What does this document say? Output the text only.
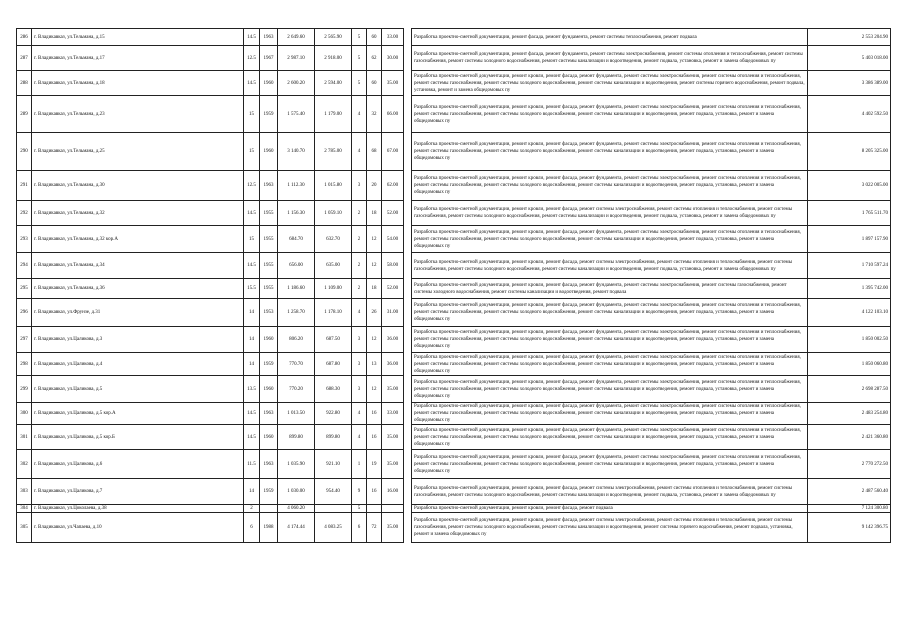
286	г. Владикавказ, ул.Тельмана, д.15	14.5	1963	2 649.60	2 565.90	5	60	33.00		Разработка проектно-сметной документации, ремонт фасада, ремонт фундамента, ремонт системы теплоснабжения, ремонт подвала	2 553 204.90
287	г. Владикавказ, ул.Тельмана, д.17	12.5	1967	2 987.10	2 918.00	5	62	30.00		Разработка проектно-сметной документации, ремонт фасада, ремонт фундамента, ремонт системы электроснабжения, ремонт системы отопления и теплоснабжения, ремонт системы газоснабжения, ремонт системы холодного водоснабжения, ремонт системы канализации и водоотведения, ремонт подвала, установка, ремонт и замена общедомовых пу	5 403 018.00
288	г. Владикавказ, ул.Тельмана, д.18	14.5	1960	2 600.20	2 594.00	5	60	35.00		Разработка проектно-сметной документации, ремонт кровли, ремонт фасада, ремонт фундамента, ремонт системы электроснабжения, ремонт системы отопления и теплоснабжения, ремонт системы газоснабжения, ремонт системы холодного водоснабжения, ремонт системы канализации и водоотведения, ремонт системы горячего водоснабжения, ремонт подвала, установка, ремонт и замена общедомовых пу	3 386 389.00
289	г. Владикавказ, ул.Тельмана, д.23	15	1959	1 575.40	1 179.00	4	32	66.00		Разработка проектно-сметной документации, ремонт кровли, ремонт фасада, ремонт фундамента, ремонт системы электроснабжения, ремонт системы отопления и теплоснабжения, ремонт системы газоснабжения, ремонт системы холодного водоснабжения, ремонт системы канализации и водоотведения, ремонт подвала, установка, ремонт и замена общедомовых пу	4 402 592.50
290	г. Владикавказ, ул.Тельмана, д.25	15	1960	3 140.70	2 785.00	4	68	67.00		Разработка проектно-сметной документации, ремонт кровли, ремонт фасада, ремонт фундамента, ремонт системы электроснабжения, ремонт системы отопления и теплоснабжения, ремонт системы газоснабжения, ремонт системы холодного водоснабжения, ремонт системы канализации и водоотведения, ремонт подвала, установка, ремонт и замена общедомовых пу	8 205 325.00
291	г. Владикавказ, ул.Тельмана, д.30	12.5	1963	1 112.30	1 015.80	3	20	62.00		Разработка проектно-сметной документации, ремонт кровли, ремонт фасада, ремонт фундамента, ремонт системы электроснабжения, ремонт системы отопления и теплоснабжения, ремонт системы газоснабжения, ремонт системы холодного водоснабжения, ремонт системы канализации и водоотведения, ремонт подвала, установка, ремонт и замена общедомовых пу	3 022 005.00
292	г. Владикавказ, ул.Тельмана, д.32	14.5	1955	1 156.30	1 059.10	2	18	52.00		Разработка проектно-сметной документации, ремонт кровли, ремонт фасада, ремонт системы электроснабжения, ремонт системы отопления и теплоснабжения, ремонт системы газоснабжения, ремонт системы холодного водоснабжения, ремонт системы канализации и водоотведения, ремонт подвала, установка, ремонт и замена общедомовых пу	1 765 511.70
293	г. Владикавказ, ул.Тельмана, д.32 кор.А	15	1955	684.70	632.70	2	12	54.00		Разработка проектно-сметной документации, ремонт кровли, ремонт фасада, ремонт фундамента, ремонт системы электроснабжения, ремонт системы отопления и теплоснабжения, ремонт системы газоснабжения, ремонт системы холодного водоснабжения, ремонт системы канализации и водоотведения, ремонт подвала, установка, ремонт и замена общедомовых пу	1 897 157.90
294	г. Владикавказ, ул.Тельмана, д.34	14.5	1955	656.00	635.00	2	12	58.00		Разработка проектно-сметной документации, ремонт кровли, ремонт фасада, ремонт системы электроснабжения, ремонт системы отопления и теплоснабжения, ремонт системы газоснабжения, ремонт системы холодного водоснабжения, ремонт системы канализации и водоотведения, ремонт подвала, установка, ремонт и замена общедомовых пу	1 710 597.24
295	г. Владикавказ, ул.Тельмана, д.36	15.5	1955	1 186.60	1 109.00	2	18	52.00		Разработка проектно-сметной документации, ремонт кровли, ремонт фасада, ремонт фундамента, ремонт системы электроснабжения, ремонт системы газоснабжения, ремонт системы холодного водоснабжения, ремонт системы канализации и водоотведения, ремонт подвала	1 395 742.00
296	г. Владикавказ, ул.Фрунзе, д.31	14	1953	1 258.70	1 178.10	4	26	31.00		Разработка проектно-сметной документации, ремонт кровли, ремонт фасада, ремонт фундамента, ремонт системы электроснабжения, ремонт системы отопления и теплоснабжения, ремонт системы газоснабжения, ремонт системы холодного водоснабжения, ремонт системы канализации и водоотведения, ремонт подвала, установка, ремонт и замена общедомовых пу	4 122 103.10
297	г. Владикавказ, ул.Цаликова, д.3	14	1960	806.20	687.50	3	12	36.00		Разработка проектно-сметной документации, ремонт кровли, ремонт фасада, ремонт фундамента, ремонт системы электроснабжения, ремонт системы отопления и теплоснабжения, ремонт системы газоснабжения, ремонт системы холодного водоснабжения, ремонт системы канализации и водоотведения, ремонт подвала, установка, ремонт и замена общедомовых пу	1 850 002.50
298	г. Владикавказ, ул.Цаликова, д.4	14	1959	770.70	687.80	3	13	36.00		Разработка проектно-сметной документации, ремонт кровли, ремонт фасада, ремонт фундамента, ремонт системы электроснабжения, ремонт системы отопления и теплоснабжения, ремонт системы газоснабжения, ремонт системы холодного водоснабжения, ремонт системы канализации и водоотведения, ремонт подвала, установка, ремонт и замена общедомовых пу	1 850 060.80
299	г. Владикавказ, ул.Цаликова, д.5	13.5	1960	770.20	688.30	3	12	35.00		Разработка проектно-сметной документации, ремонт кровли, ремонт фасада, ремонт фундамента, ремонт системы электроснабжения, ремонт системы отопления и теплоснабжения, ремонт системы газоснабжения, ремонт системы холодного водоснабжения, ремонт системы канализации и водоотведения, ремонт подвала, установка, ремонт и замена общедомовых пу	2 698 287.50
300	г. Владикавказ, ул.Цаликова, д.5 кор.А	14.5	1963	1 013.50	922.80	4	16	33.00		Разработка проектно-сметной документации, ремонт кровли, ремонт фасада, ремонт фундамента, ремонт системы электроснабжения, ремонт системы отопления и теплоснабжения, ремонт системы газоснабжения, ремонт системы холодного водоснабжения, ремонт системы канализации и водоотведения, ремонт подвала, установка, ремонт и замена общедомовых пу	2 483 254.80
301	г. Владикавказ, ул.Цаликова, д.5 кор.Б	14.5	1960	899.80	899.80	4	16	35.00		Разработка проектно-сметной документации, ремонт кровли, ремонт фасада, ремонт фундамента, ремонт системы электроснабжения, ремонт системы отопления и теплоснабжения, ремонт системы газоснабжения, ремонт системы холодного водоснабжения, ремонт системы канализации и водоотведения, ремонт подвала, установка, ремонт и замена общедомовых пу	2 421 360.80
302	г. Владикавказ, ул.Цаликова, д.6	11.5	1963	1 035.90	921.10	1	19	35.00		Разработка проектно-сметной документации, ремонт кровли, ремонт фасада, ремонт фундамента, ремонт системы электроснабжения, ремонт системы отопления и теплоснабжения, ремонт системы газоснабжения, ремонт системы холодного водоснабжения, ремонт системы канализации и водоотведения, ремонт подвала, установка, ремонт и замена общедомовых пу	2 770 272.50
303	г. Владикавказ, ул.Цаликова, д.7	14	1959	1 030.00	954.40	9	16	16.00		Разработка проектно-сметной документации, ремонт кровли, ремонт фасада, ремонт системы электроснабжения, ремонт системы отопления и теплоснабжения, ремонт системы газоснабжения, ремонт системы холодного водоснабжения, ремонт системы канализации и водоотведения, ремонт подвала, установка, ремонт и замена общедомовых пу	2 487 560.40
304	г. Владикавказ, ул.Цоколаева, д.38	2		4 060.20		5				Разработка проектно-сметной документации, ремонт кровли, ремонт фасада, ремонт подвала	7 124 300.80
305	г. Владикавказ, ул.Чапаева, д.10	6	1988	4 174.44	4 083.25	6	72	35.00		Разработка проектно-сметной документации, ремонт кровли, ремонт фасада, ремонт системы электроснабжения, ремонт системы отопления и теплоснабжения, ремонт системы газоснабжения, ремонт системы холодного водоснабжения, ремонт системы канализации и водоотведения, ремонт системы горячего водоснабжения, ремонт подвала, установка, ремонт и замена общедомовых пу	9 142 396.75
